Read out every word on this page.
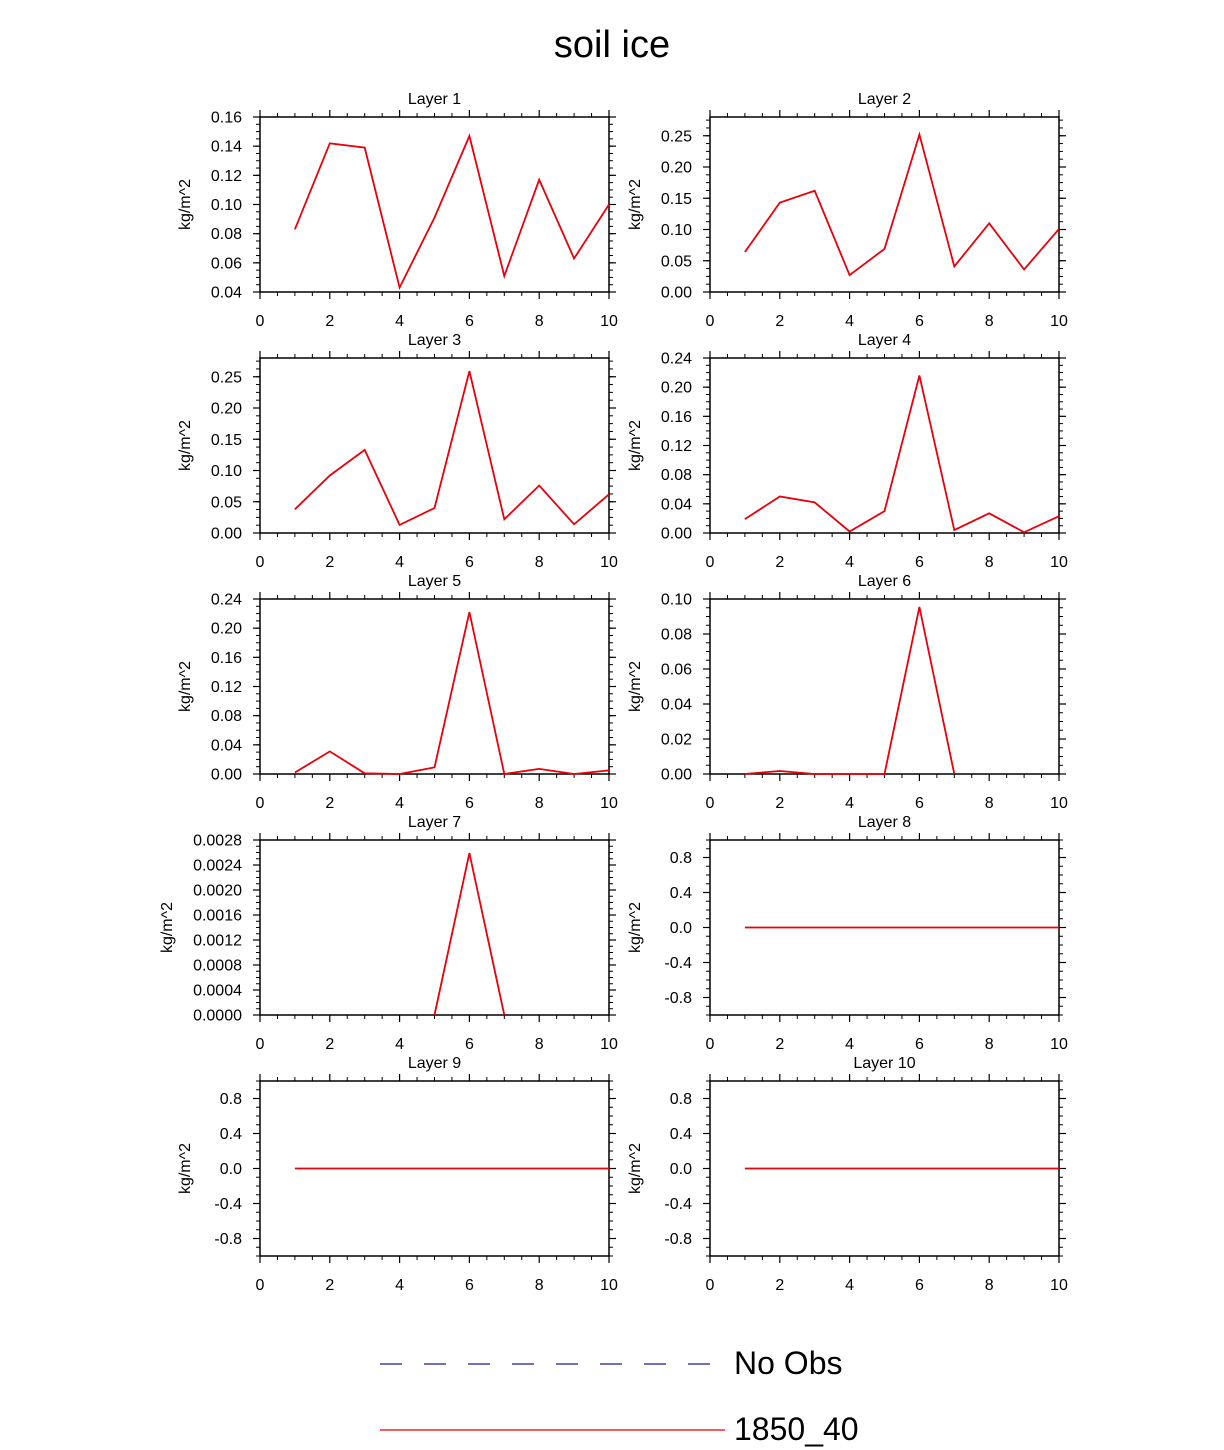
soil ice
Layer 1
0	2	4	6	8	10
0.04
0.06
0.08
0.10
0.12
0.14
0.16
kg/m^2
Layer 2
0	2	4	6	8	10
0.00
0.05
0.10
0.15
0.20
0.25
kg/m^2
Layer 3
0	2	4	6	8	10
0.00
0.05
0.10
0.15
0.20
0.25
kg/m^2
Layer 4
0	2	4	6	8	10
0.00
0.04
0.08
0.12
0.16
0.20
0.24
kg/m^2
Layer 5
0	2	4	6	8	10
0.00
0.04
0.08
0.12
0.16
0.20
0.24
kg/m^2
Layer 6
0	2	4	6	8	10
0.00
0.02
0.04
0.06
0.08
0.10
kg/m^2
Layer 7
0	2	4	6	8	10
0.0000
0.0004
0.0008
0.0012
0.0016
0.0020
0.0024
0.0028
kg/m^2
Layer 8
0	2	4	6	8	10
-0.8
-0.4
0.0
0.4
0.8
kg/m^2
Layer 9
0	2	4	6	8	10
-0.8
-0.4
0.0
0.4
0.8
kg/m^2
Layer 10
0	2	4	6	8	10
-0.8
-0.4
0.0
0.4
0.8
kg/m^2
No Obs
1850_40
